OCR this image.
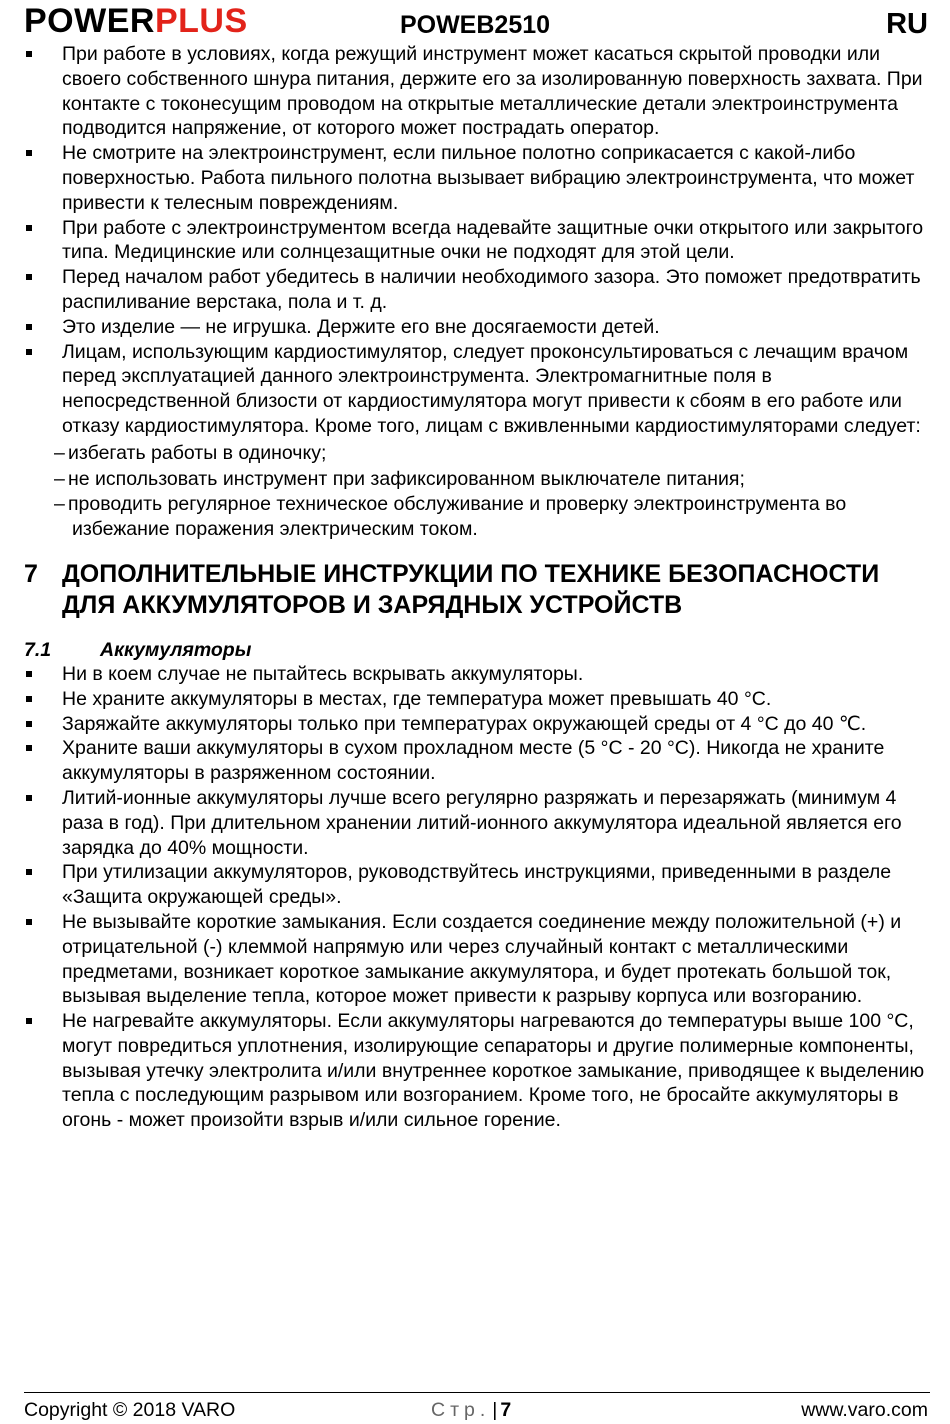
POWERPLUS	POWEB2510	RU
При работе в условиях, когда режущий инструмент может касаться скрытой проводки или своего собственного шнура питания, держите его за изолированную поверхность захвата. При контакте с токонесущим проводом на открытые металлические детали электроинструмента подводится напряжение, от которого может пострадать оператор.
Не смотрите на электроинструмент, если пильное полотно соприкасается с какой-либо поверхностью. Работа пильного полотна вызывает вибрацию электроинструмента, что может привести к телесным повреждениям.
При работе с электроинструментом всегда надевайте защитные очки открытого или закрытого типа. Медицинские или солнцезащитные очки не подходят для этой цели.
Перед началом работ убедитесь в наличии необходимого зазора. Это поможет предотвратить распиливание верстака, пола и т. д.
Это изделие — не игрушка. Держите его вне досягаемости детей.
Лицам, использующим кардиостимулятор, следует проконсультироваться с лечащим врачом перед эксплуатацией данного электроинструмента. Электромагнитные поля в непосредственной близости от кардиостимулятора могут привести к сбоям в его работе или отказу кардиостимулятора. Кроме того, лицам с вживленными кардиостимуляторами следует:
– избегать работы в одиночку;
– не использовать инструмент при зафиксированном выключателе питания;
– проводить регулярное техническое обслуживание и проверку электроинструмента во избежание поражения электрическим током.
7 ДОПОЛНИТЕЛЬНЫЕ ИНСТРУКЦИИ ПО ТЕХНИКЕ БЕЗОПАСНОСТИ ДЛЯ АККУМУЛЯТОРОВ И ЗАРЯДНЫХ УСТРОЙСТВ
7.1	Аккумуляторы
Ни в коем случае не пытайтесь вскрывать аккумуляторы.
Не храните аккумуляторы в местах, где температура может превышать 40 °C.
Заряжайте аккумуляторы только при температурах окружающей среды от 4 °C до 40 ℃.
Храните ваши аккумуляторы в сухом прохладном месте (5 °C - 20 °C). Никогда не храните аккумуляторы в разряженном состоянии.
Литий-ионные аккумуляторы лучше всего регулярно разряжать и перезаряжать (минимум 4 раза в год). При длительном хранении литий-ионного аккумулятора идеальной является его зарядка до 40% мощности.
При утилизации аккумуляторов, руководствуйтесь инструкциями, приведенными в разделе «Защита окружающей среды».
Не вызывайте короткие замыкания. Если создается соединение между положительной (+) и отрицательной (-) клеммой напрямую или через случайный контакт с металлическими предметами, возникает короткое замыкание аккумулятора, и будет протекать большой ток, вызывая выделение тепла, которое может привести к разрыву корпуса или возгоранию.
Не нагревайте аккумуляторы. Если аккумуляторы нагреваются до температуры выше 100 °C, могут повредиться уплотнения, изолирующие сепараторы и другие полимерные компоненты, вызывая утечку электролита и/или внутреннее короткое замыкание, приводящее к выделению тепла с последующим разрывом или возгоранием. Кроме того, не бросайте аккумуляторы в огонь - может произойти взрыв и/или сильное горение.
Copyright © 2018 VARO	Стр. | 7	www.varo.com
